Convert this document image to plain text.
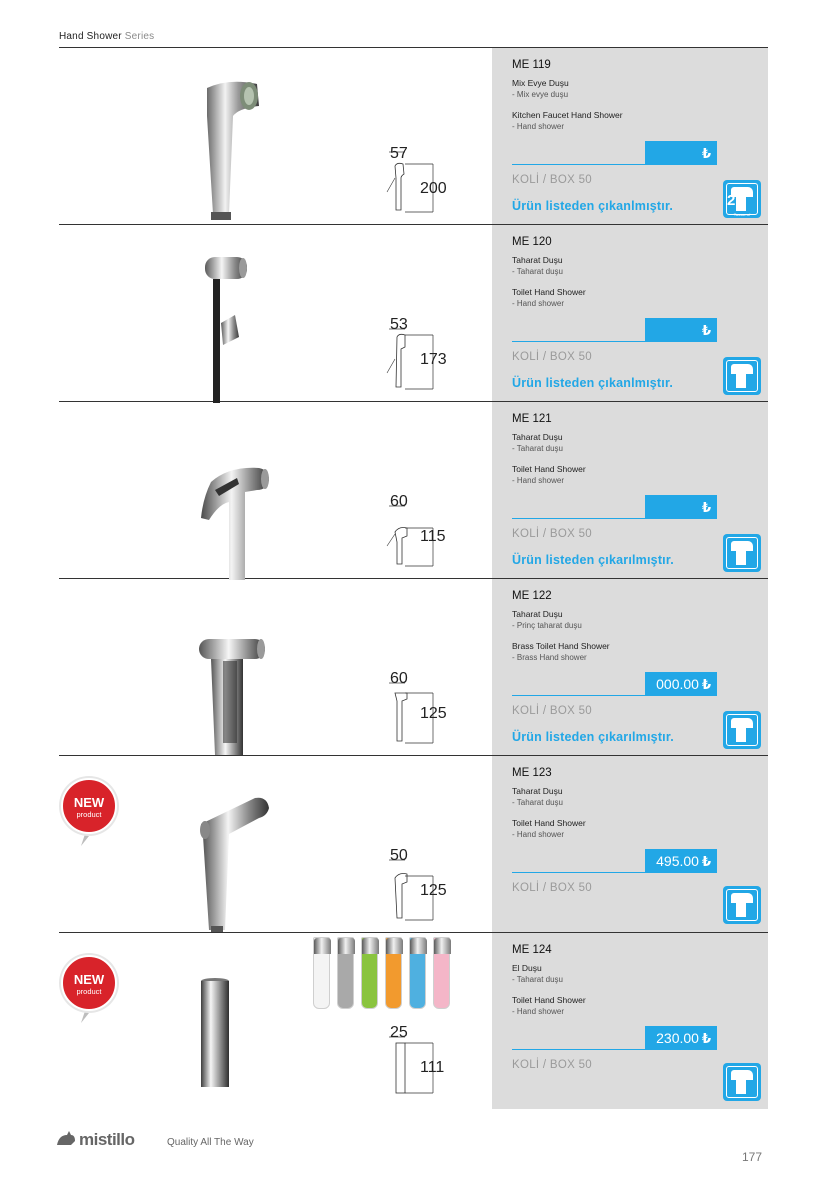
Hand Shower Series
57
200
ME 119
Mix Evye Duşu
- Mix evye duşu
Kitchen Faucet Hand Shower
- Hand shower
₺
KOLİ / BOX 50
Ürün listeden çıkanlmıştır.	2
Tassarruf
53
173
ME 120
Taharat Duşu
- Taharat duşu
Toilet Hand Shower
- Hand shower
₺
KOLİ / BOX 50
Ürün listeden çıkanlmıştır.
60
115
ME 121
Taharat Duşu
- Taharat duşu
Toilet Hand Shower
- Hand shower
₺
KOLİ / BOX 50
Ürün listeden çıkarılmıştır.
60
125
ME 122
Taharat Duşu
- Prinç taharat duşu
Brass Toilet Hand Shower
- Brass Hand shower
000.00 ₺
KOLİ / BOX 50
Ürün listeden çıkarılmıştır.
NEW
product
50
125
ME 123
Taharat Duşu
- Taharat duşu
Toilet Hand Shower
- Hand shower
495.00 ₺
KOLİ / BOX 50
NEW
product
25
111
ME 124
El Duşu
- Taharat duşu
Toilet Hand Shower
- Hand shower
230.00 ₺
KOLİ / BOX 50
mistillo	Quality All The Way
177
